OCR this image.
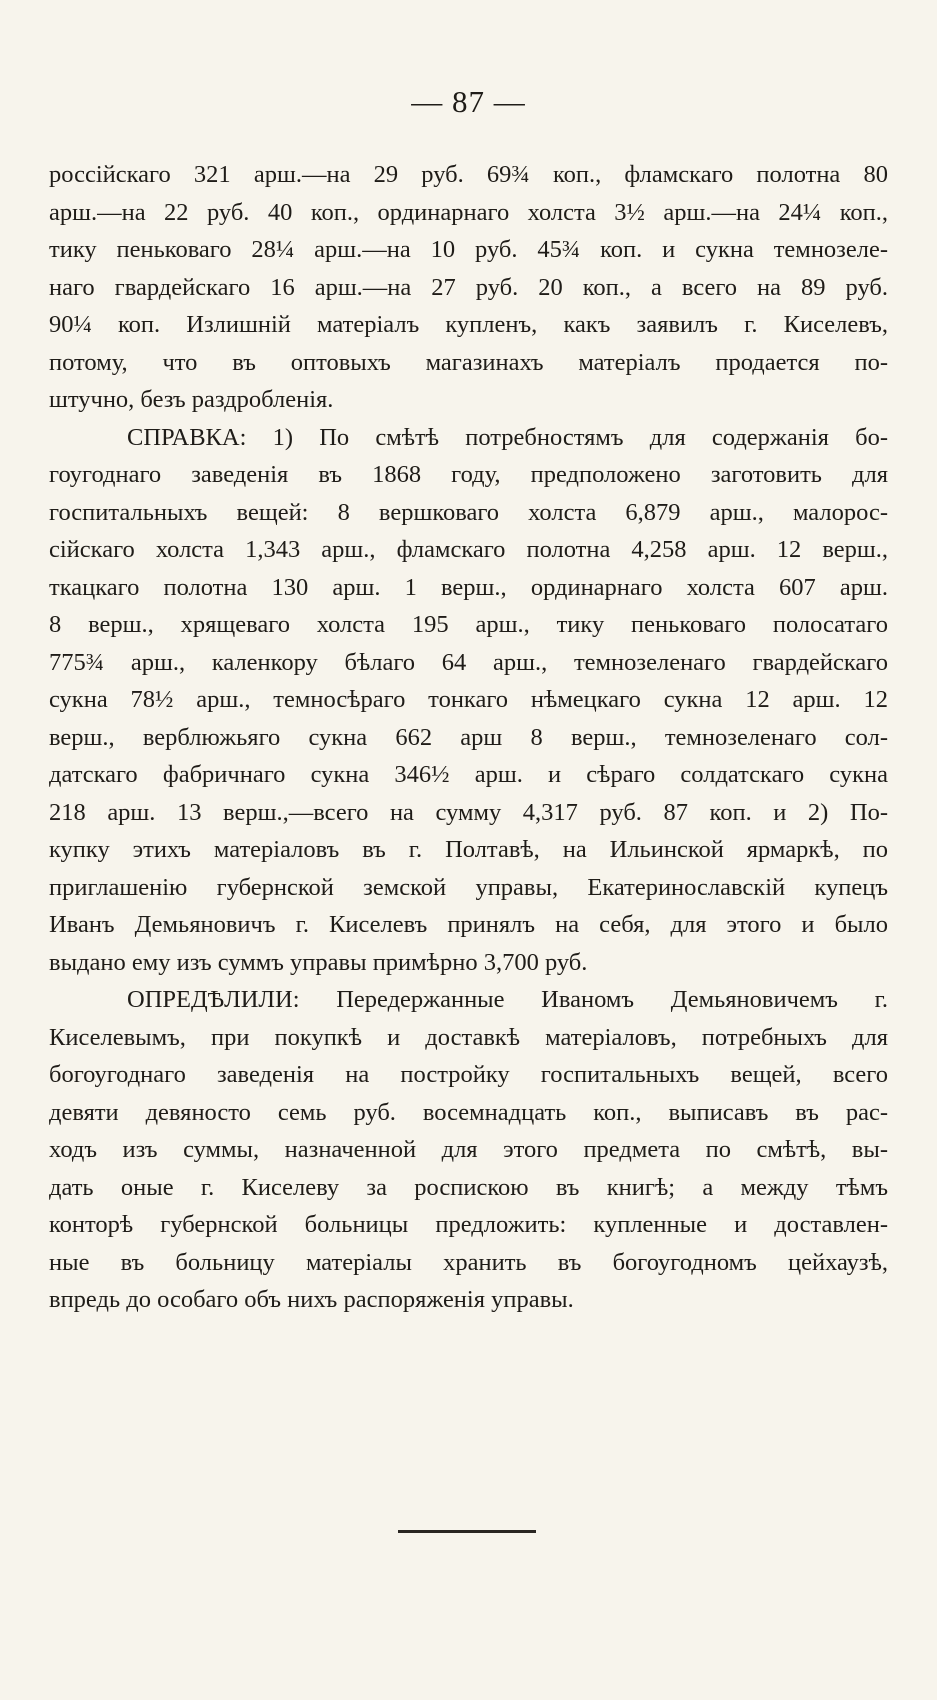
— 87 —
россійскаго 321 арш.—на 29 руб. 69¾ коп., фламскаго полотна 80
арш.—на 22 руб. 40 коп., ординарнаго холста 3½ арш.—на 24¼ коп.,
тику пеньковаго 28¼ арш.—на 10 руб. 45¾ коп. и сукна темнозеле-
наго гвардейскаго 16 арш.—на 27 руб. 20 коп., а всего на 89 руб.
90¼ коп. Излишній матеріалъ купленъ, какъ заявилъ г. Киселевъ,
потому, что въ оптовыхъ магазинахъ матеріалъ продается по-
штучно, безъ раздробленія.
СПРАВКА: 1) По смѣтѣ потребностямъ для содержанія бо-
гоугоднаго заведенія въ 1868 году, предположено заготовить для
госпитальныхъ вещей: 8 вершковаго холста 6,879 арш., малорос-
сійскаго холста 1,343 арш., фламскаго полотна 4,258 арш. 12 верш.,
ткацкаго полотна 130 арш. 1 верш., ординарнаго холста 607 арш.
8 верш., хрящеваго холста 195 арш., тику пеньковаго полосатаго
775¾ арш., каленкору бѣлаго 64 арш., темнозеленаго гвардейскаго
сукна 78½ арш., темносѣраго тонкаго нѣмецкаго сукна 12 арш. 12
верш., верблюжьяго сукна 662 арш 8 верш., темнозеленаго сол-
датскаго фабричнаго сукна 346½ арш. и сѣраго солдатскаго сукна
218 арш. 13 верш.,—всего на сумму 4,317 руб. 87 коп. и 2) По-
купку этихъ матеріаловъ въ г. Полтавѣ, на Ильинской ярмаркѣ, по
приглашенію губернской земской управы, Екатеринославскій купецъ
Иванъ Демьяновичъ г. Киселевъ принялъ на себя, для этого и было
выдано ему изъ суммъ управы примѣрно 3,700 руб.
ОПРЕДѢЛИЛИ: Передержанные Иваномъ Демьяновичемъ г.
Киселевымъ, при покупкѣ и доставкѣ матеріаловъ, потребныхъ для
богоугоднаго заведенія на постройку госпитальныхъ вещей, всего
девяти девяносто семь руб. восемнадцать коп., выписавъ въ рас-
ходъ изъ суммы, назначенной для этого предмета по смѣтѣ, вы-
дать оные г. Киселеву за роспискою въ книгѣ; а между тѣмъ
конторѣ губернской больницы предложить: купленные и доставлен-
ные въ больницу матеріалы хранить въ богоугодномъ цейхаузѣ,
впредь до особаго объ нихъ распоряженія управы.
